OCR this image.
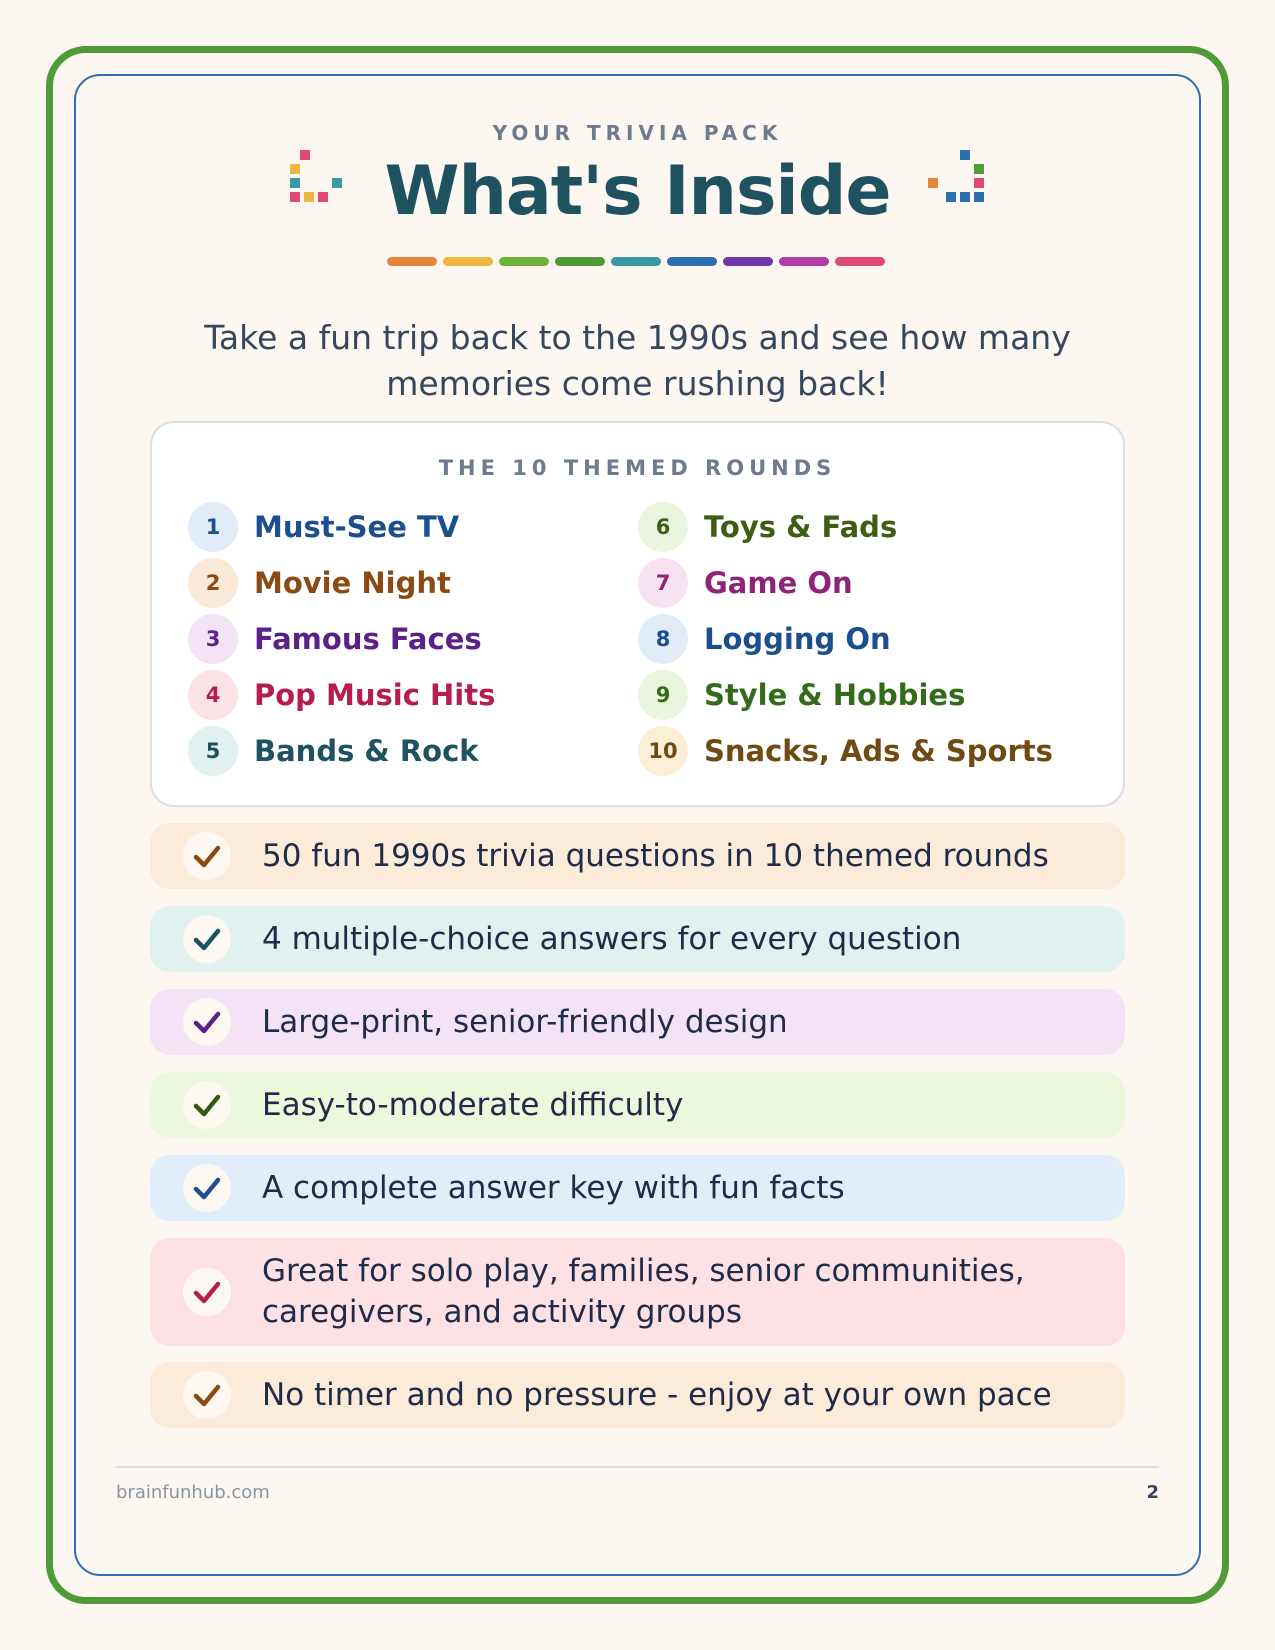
YOUR TRIVIA PACK
What's Inside

Take a fun trip back to the 1990s and see how many memories come rushing back!

THE 10 THEMED ROUNDS
1	Must-See TV
2	Movie Night
3	Famous Faces
4	Pop Music Hits
5	Bands & Rock
6	Toys & Fads
7	Game On
8	Logging On
9	Style & Hobbies
10 Snacks, Ads & Sports
50 fun 1990s trivia questions in 10 themed rounds
4 multiple-choice answers for every question
Large-print, senior-friendly design
Easy-to-moderate difficulty
A complete answer key with fun facts
Great for solo play, families, senior communities, caregivers, and activity groups
No timer and no pressure - enjoy at your own pace
brainfunhub.com	2
